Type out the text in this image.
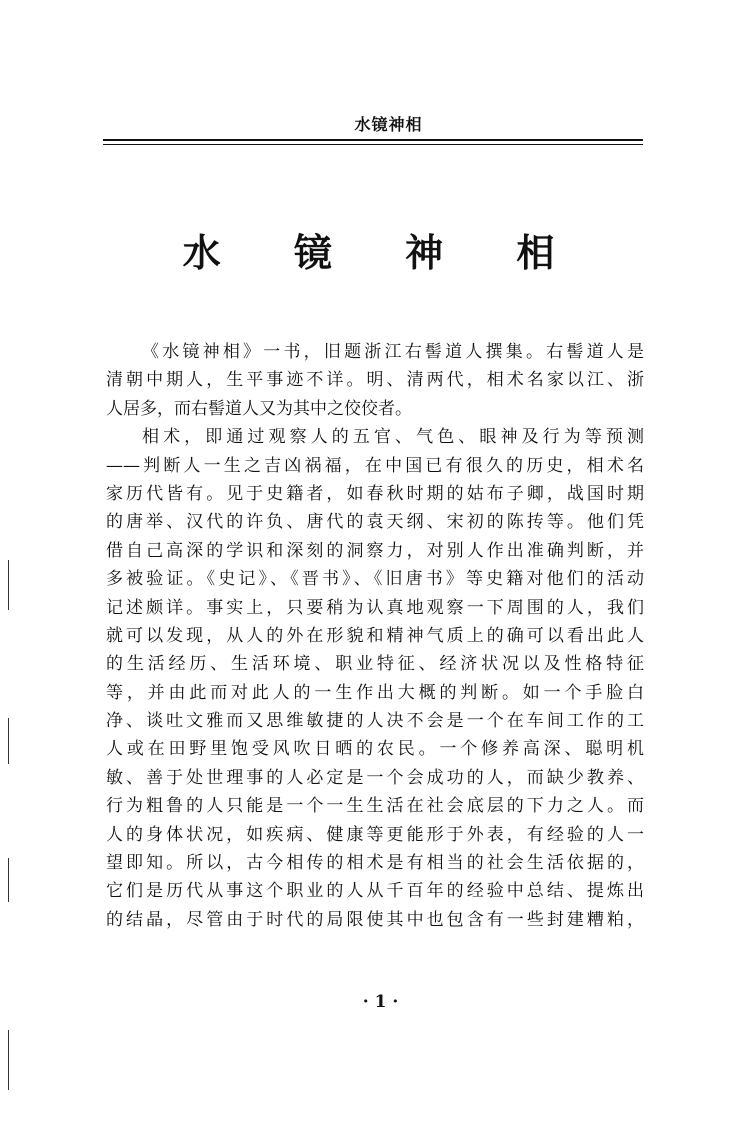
水镜神相
水 镜 神 相
《水镜神相》一书，旧题浙江右髻道人撰集。右髻道人是
清朝中期人，生平事迹不详。明、清两代，相术名家以江、浙
人居多，而右髻道人又为其中之佼佼者。
相术，即通过观察人的五官、气色、眼神及行为等预测
——判断人一生之吉凶祸福，在中国已有很久的历史，相术名
家历代皆有。见于史籍者，如春秋时期的姑布子卿，战国时期
的唐举、汉代的许负、唐代的袁天纲、宋初的陈抟等。他们凭
借自己高深的学识和深刻的洞察力，对别人作出准确判断，并
多被验证。《史记》、《晋书》、《旧唐书》等史籍对他们的活动
记述颇详。事实上，只要稍为认真地观察一下周围的人，我们
就可以发现，从人的外在形貌和精神气质上的确可以看出此人
的生活经历、生活环境、职业特征、经济状况以及性格特征
等，并由此而对此人的一生作出大概的判断。如一个手脸白
净、谈吐文雅而又思维敏捷的人决不会是一个在车间工作的工
人或在田野里饱受风吹日晒的农民。一个修养高深、聪明机
敏、善于处世理事的人必定是一个会成功的人，而缺少教养、
行为粗鲁的人只能是一个一生生活在社会底层的下力之人。而
人的身体状况，如疾病、健康等更能形于外表，有经验的人一
望即知。所以，古今相传的相术是有相当的社会生活依据的，
它们是历代从事这个职业的人从千百年的经验中总结、提炼出
的结晶，尽管由于时代的局限使其中也包含有一些封建糟粕，
· 1 ·
